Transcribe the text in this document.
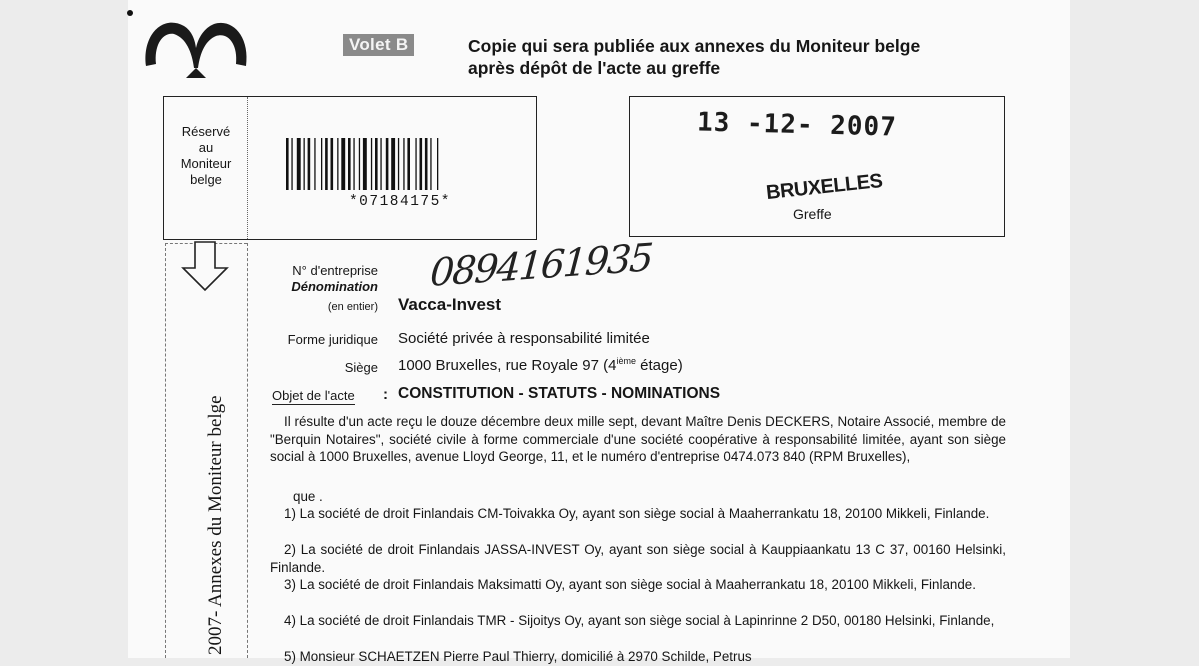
Volet B	Copie qui sera publiée aux annexes du Moniteur belge
après dépôt de l'acte au greffe
Réservé
au
Moniteur
belge
*07184175*
13 -12- 2007
BRUXELLES
Greffe
2007- Annexes du Moniteur belge
N° d'entreprise
Dénomination
(en entier)
0894161935
Vacca-Invest
Forme juridique Société privée à responsabilité limitée
Siège 1000 Bruxelles, rue Royale 97 (4ième étage)
Objet de l'acte : CONSTITUTION - STATUTS - NOMINATIONS
Il résulte d'un acte reçu le douze décembre deux mille sept, devant Maître Denis DECKERS, Notaire Associé, membre de "Berquin Notaires", société civile à forme commerciale d'une société coopérative à responsabilité limitée, ayant son siège social à 1000 Bruxelles, avenue Lloyd George, 11, et le numéro d'entreprise 0474.073 840 (RPM Bruxelles),
que .
1) La société de droit Finlandais CM-Toivakka Oy, ayant son siège social à Maaherrankatu 18, 20100 Mikkeli, Finlande.
2) La société de droit Finlandais JASSA-INVEST Oy, ayant son siège social à Kauppiaankatu 13 C 37, 00160 Helsinki, Finlande.
3) La société de droit Finlandais Maksimatti Oy, ayant son siège social à Maaherrankatu 18, 20100 Mikkeli, Finlande.
4) La société de droit Finlandais TMR - Sijoitys Oy, ayant son siège social à Lapinrinne 2 D50, 00180 Helsinki, Finlande,
5) Monsieur SCHAETZEN Pierre Paul Thierry, domicilié à 2970 Schilde, Petrus
